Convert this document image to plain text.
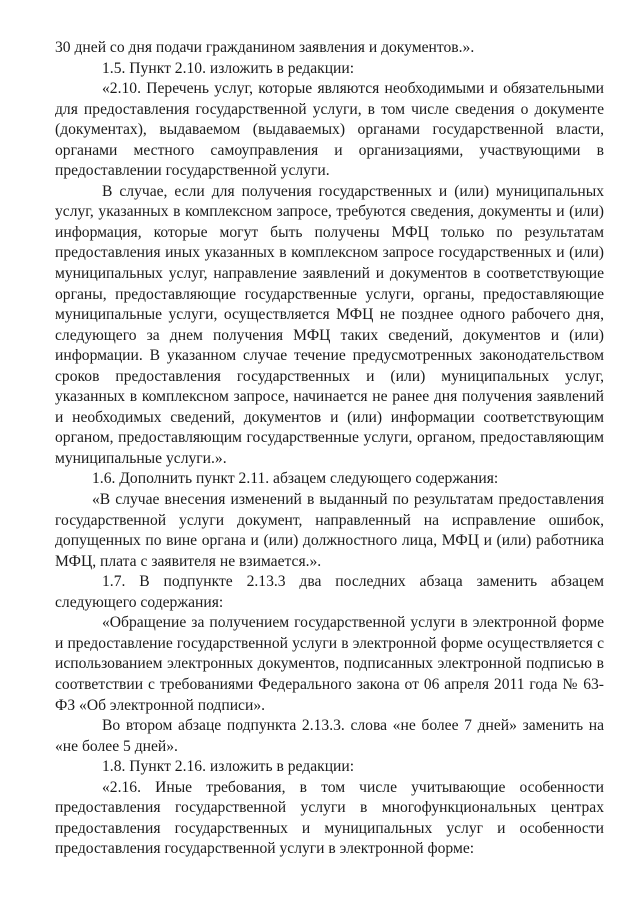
30 дней со дня подачи гражданином заявления и документов.».

1.5. Пункт 2.10. изложить в редакции:

«2.10. Перечень услуг, которые являются необходимыми и обязательными для предоставления государственной услуги, в том числе сведения о документе (документах), выдаваемом (выдаваемых) органами государственной власти, органами местного самоуправления и организациями, участвующими в предоставлении государственной услуги.

В случае, если для получения государственных и (или) муниципальных услуг, указанных в комплексном запросе, требуются сведения, документы и (или) информация, которые могут быть получены МФЦ только по результатам предоставления иных указанных в комплексном запросе государственных и (или) муниципальных услуг, направление заявлений и документов в соответствующие органы, предоставляющие государственные услуги, органы, предоставляющие муниципальные услуги, осуществляется МФЦ не позднее одного рабочего дня, следующего за днем получения МФЦ таких сведений, документов и (или) информации. В указанном случае течение предусмотренных законодательством сроков предоставления государственных и (или) муниципальных услуг, указанных в комплексном запросе, начинается не ранее дня получения заявлений и необходимых сведений, документов и (или) информации соответствующим органом, предоставляющим государственные услуги, органом, предоставляющим муниципальные услуги.».

1.6. Дополнить пункт 2.11. абзацем следующего содержания:

«В случае внесения изменений в выданный по результатам предоставления государственной услуги документ, направленный на исправление ошибок, допущенных по вине органа и (или) должностного лица, МФЦ и (или) работника МФЦ, плата с заявителя не взимается.».

1.7. В подпункте 2.13.3 два последних абзаца заменить абзацем следующего содержания:

«Обращение за получением государственной услуги в электронной форме и предоставление государственной услуги в электронной форме осуществляется с использованием электронных документов, подписанных электронной подписью в соответствии с требованиями Федерального закона от 06 апреля 2011 года № 63-ФЗ «Об электронной подписи».

Во втором абзаце подпункта 2.13.3. слова «не более 7 дней» заменить на «не более 5 дней».

1.8. Пункт 2.16. изложить в редакции:

«2.16. Иные требования, в том числе учитывающие особенности предоставления государственной услуги в многофункциональных центрах предоставления государственных и муниципальных услуг и особенности предоставления государственной услуги в электронной форме:
